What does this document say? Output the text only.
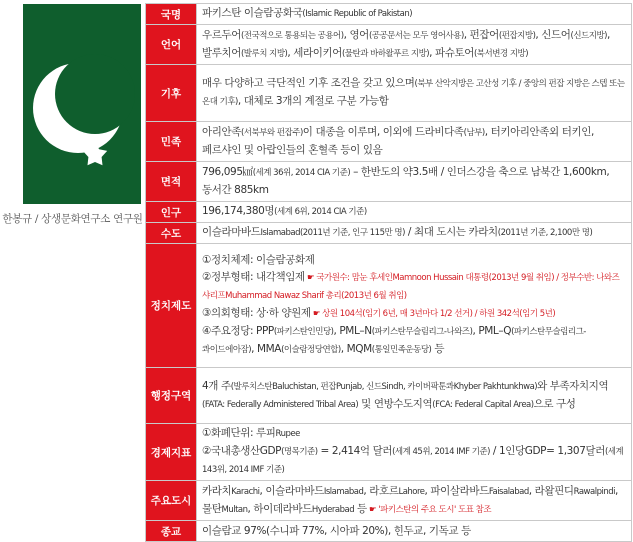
한봉규 / 상생문화연구소 연구원
국명	파키스탄 이슬람공화국(Islamic Republic of Pakistan)
언어	우르두어(전국적으로 통용되는 공용어), 영어(공공문서는 모두 영어사용), 펀잡어(펀잡지방), 신드어(신드지방), 발루치어(발루치 지방), 세라이키어(물탄과 바하왈푸르 지방), 파슈토어(북서변경 지방)
기후	매우 다양하고 극단적인 기후 조건을 갖고 있으며(북부 산악지방은 고산성 기후 / 중앙의 펀잡 지방은 스텝 또는 온대 기후), 대체로 3개의 계절로 구분 가능함
민족	아리안족(서북부와 펀잡주)이 대종을 이루며, 이외에 드라비다족(남부), 터키아리안족외 터키인, 페르샤인 및 아랍인들의 혼혈족 등이 있음
면적	796,095㎢(세계 36위, 2014 CIA 기준) – 한반도의 약3.5배 / 인더스강을 축으로 남북간 1,600km, 동서간 885km
인구	196,174,380명(세계 6위, 2014 CIA 기준)
수도	이슬라마바드Islamabad(2011년 기준, 인구 115만 명) / 최대 도시는 카라치(2011년 기준, 2,100만 명)
정치제도	①정치체제: 이슬람공화제
②정부형태: 내각책임제 ☛ 국가원수: 맘눈 후세인Mamnoon Hussain 대통령(2013년 9월 취임) / 정부수반: 나와즈 샤리프Muhammad Nawaz Sharif 총리(2013년 6월 취임)
③의회형태: 상·하 양원제 ☛ 상원 104석(임기 6년, 매 3년마다 1/2 선거) / 하원 342석(임기 5년)
④주요정당: PPP(파키스탄인민당), PML–N(파키스탄무슬림리그-나와즈), PML–Q(파키스탄무슬림리그-콰이드에아잠), MMA(이슬람정당연합), MQM(통일민족운동당) 등

행정구역	4개 주(발루치스탄Baluchistan, 펀잡Punjab, 신드Sindh, 카이버팍툰콰Khyber Pakhtunkhwa)와 부족자치지역(FATA: Federally Administered Tribal Area) 및 연방수도지역(FCA: Federal Capital Area)으로 구성
경제지표	①화폐단위: 루피Rupee
②국내총생산GDP(명목기준) = 2,414억 달러(세계 45위, 2014 IMF 기준) / 1인당GDP= 1,307달러(세계 143위, 2014 IMF 기준)
주요도시	카라치Karachi, 이슬라마바드Islamabad, 라호르Lahore, 파이살라바드Faisalabad, 라왈핀디Rawalpindi, 물탄Multan, 하이데라바드Hyderabad 등 ☛ '파키스탄의 주요 도시' 도표 참조
종교	이슬람교 97%(수니파 77%, 시아파 20%), 힌두교, 기독교 등
